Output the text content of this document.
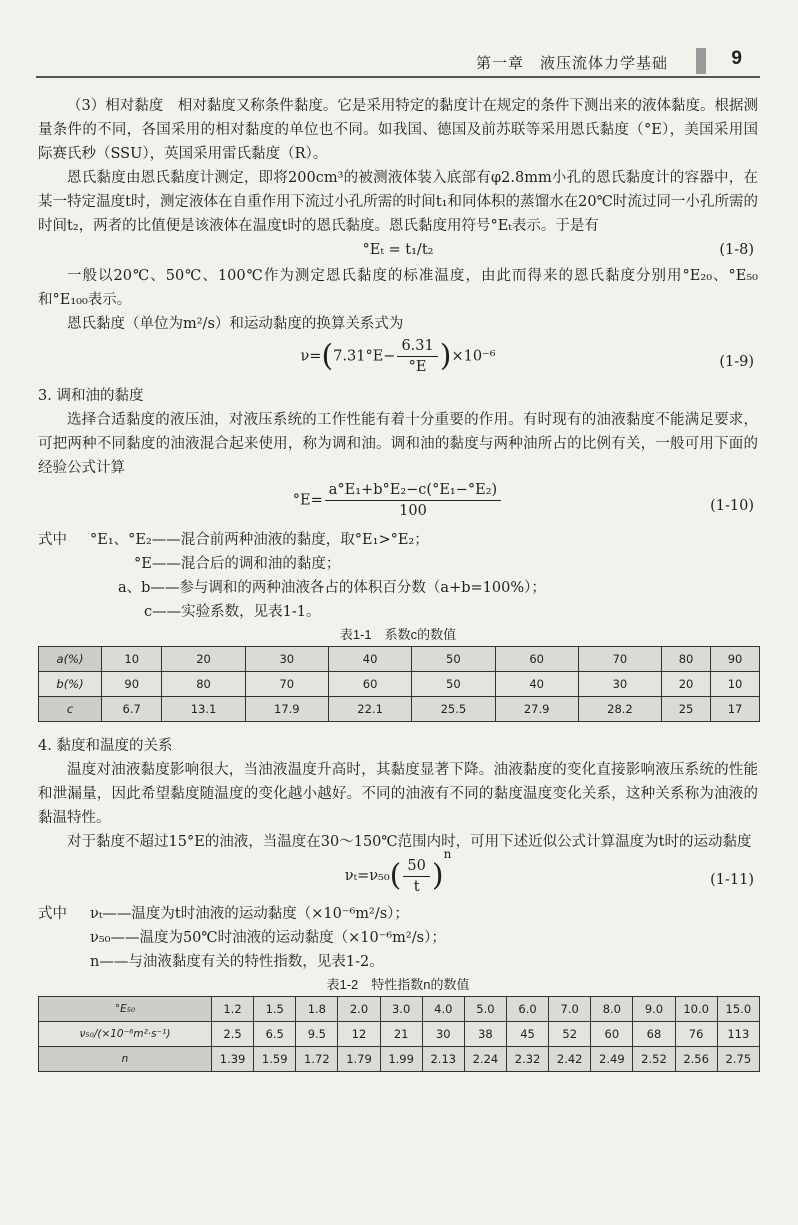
第一章　液压流体力学基础	9

（3）相对黏度　相对黏度又称条件黏度。它是采用特定的黏度计在规定的条件下测出来的液体黏度。根据测量条件的不同，各国采用的相对黏度的单位也不同。如我国、德国及前苏联等采用恩氏黏度（°E），美国采用国际赛氏秒（SSU），英国采用雷氏黏度（R）。

恩氏黏度由恩氏黏度计测定，即将200cm³的被测液体装入底部有φ2.8mm小孔的恩氏黏度计的容器中，在某一特定温度t时，测定液体在自重作用下流过小孔所需的时间t₁和同体积的蒸馏水在20℃时流过同一小孔所需的时间t₂，两者的比值便是该液体在温度t时的恩氏黏度。恩氏黏度用符号°Eₜ表示。于是有

°Eₜ = t₁/t₂	(1-8)

一般以20℃、50℃、100℃作为测定恩氏黏度的标准温度，由此而得来的恩氏黏度分别用°E₂₀、°E₅₀和°E₁₀₀表示。

恩氏黏度（单位为m²/s）和运动黏度的换算关系式为

$\nu=(7.31^\circ E- \frac{6.31}{^\circ E} )\times 10^{-6}$	(1-9)

3. 调和油的黏度

选择合适黏度的液压油，对液压系统的工作性能有着十分重要的作用。有时现有的油液黏度不能满足要求，可把两种不同黏度的油液混合起来使用，称为调和油。调和油的黏度与两种油所占的比例有关，一般可用下面的经验公式计算

$^\circ E= \frac{\text{a°E₁+b°E₂−c(°E₁−°E₂)}}{100}$	(1-10)
式中 °E₁、°E₂——混合前两种油液的黏度，取°E₁>°E₂；
°E——混合后的调和油的黏度；
a、b——参与调和的两种油液各占的体积百分数（a+b=100%）；
c——实验系数，见表1-1。
表1-1　系数c的数值
a(%)	10	20	30	40	50	60	70	80	90
b(%)	90	80	70	60	50	40	30	20	10
c	6.7	13.1	17.9	22.1	25.5	27.9	28.2	25	17

4. 黏度和温度的关系

温度对油液黏度影响很大，当油液温度升高时，其黏度显著下降。油液黏度的变化直接影响液压系统的性能和泄漏量，因此希望黏度随温度的变化越小越好。不同的油液有不同的黏度温度变化关系，这种关系称为油液的黏温特性。

对于黏度不超过15°E的油液，当温度在30～150℃范围内时，可用下述近似公式计算温度为t时的运动黏度

$\nu_t=\nu_{50}( \frac{50}{t} )^n$
(1-11)
式中 νₜ——温度为t时油液的运动黏度（×10⁻⁶m²/s）；
ν₅₀——温度为50℃时油液的运动黏度（×10⁻⁶m²/s）；
n——与油液黏度有关的特性指数，见表1-2。
表1-2　特性指数n的数值
°E₅₀	1.2	1.5	1.8	2.0	3.0	4.0	5.0	6.0	7.0	8.0	9.0	10.0	15.0
ν₅₀/(×10⁻⁶m²·s⁻¹)	2.5	6.5	9.5	12	21	30	38	45	52	60	68	76	113
n	1.39	1.59	1.72	1.79	1.99	2.13	2.24	2.32	2.42	2.49	2.52	2.56	2.75
